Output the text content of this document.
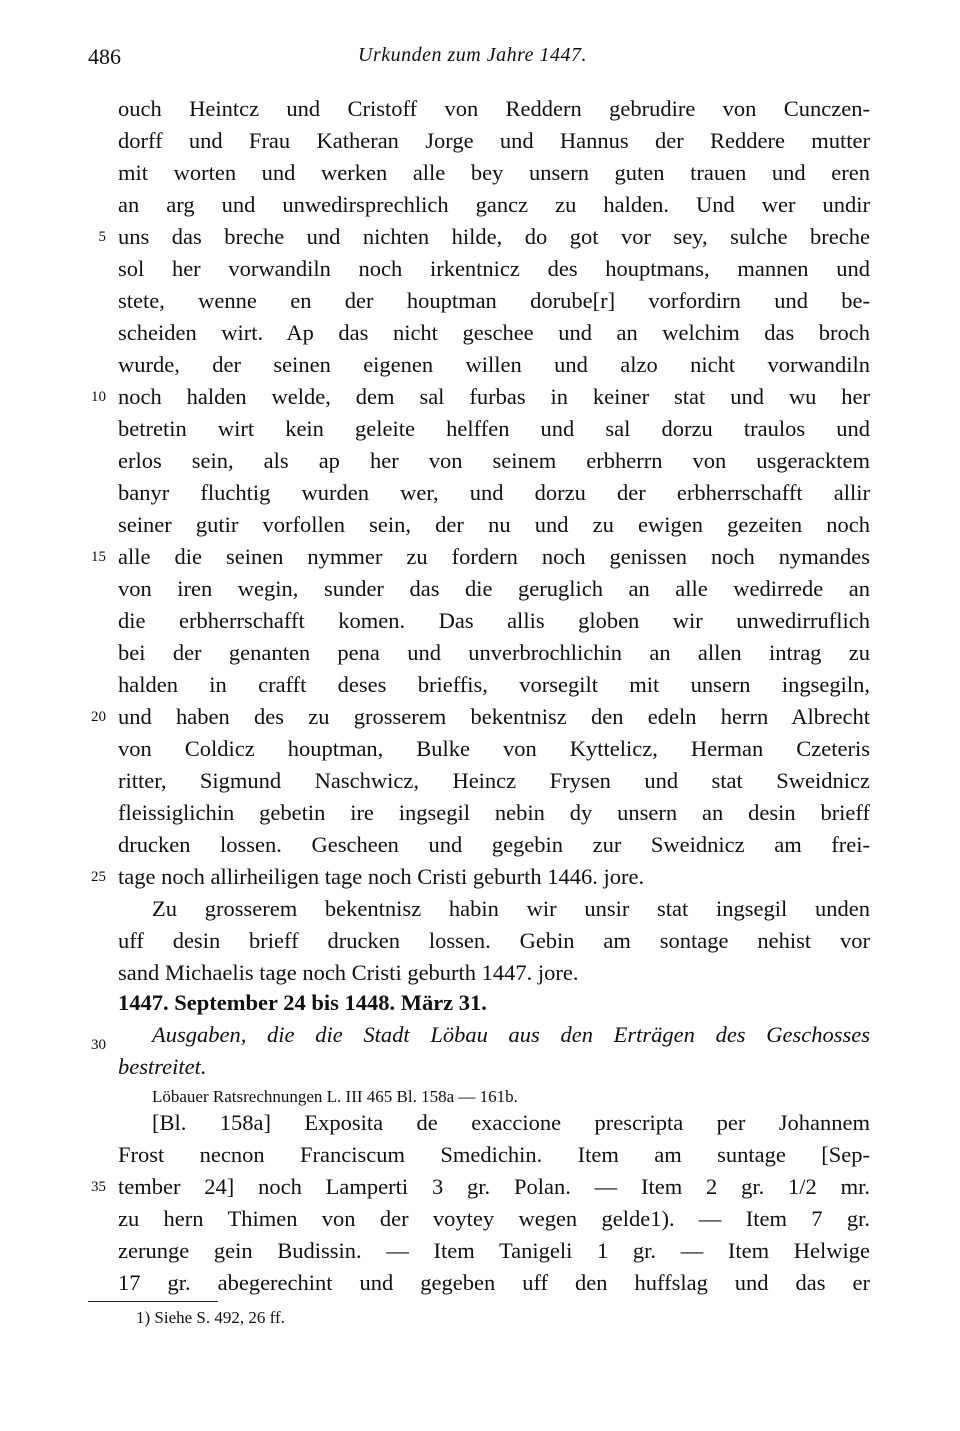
486	Urkunden zum Jahre 1447.
ouch Heintcz und Cristoff von Reddern gebrudire von Cunczen-
dorff und Frau Katheran Jorge und Hannus der Reddere mutter
mit worten und werken alle bey unsern guten trauen und eren
an arg und unwedirsprechlich gancz zu halden. Und wer undir
uns das breche und nichten hilde, do got vor sey, sulche breche
sol her vorwandiln noch irkentnicz des houptmans, mannen und
stete, wenne en der houptman dorube[r] vorfordirn und be-
scheiden wirt. Ap das nicht geschee und an welchim das broch
wurde, der seinen eigenen willen und alzo nicht vorwandiln
noch halden welde, dem sal furbas in keiner stat und wu her
betretin wirt kein geleite helffen und sal dorzu traulos und
erlos sein, als ap her von seinem erbherrn von usgeracktem
banyr fluchtig wurden wer, und dorzu der erbherrschafft allir
seiner gutir vorfollen sein, der nu und zu ewigen gezeiten noch
alle die seinen nymmer zu fordern noch genissen noch nymandes
von iren wegin, sunder das die geruglich an alle wedirrede an
die erbherrschafft komen. Das allis globen wir unwedirruflich
bei der genanten pena und unverbrochlichin an allen intrag zu
halden in crafft deses brieffis, vorsegilt mit unsern ingsegiln,
und haben des zu grosserem bekentnisz den edeln herrn Albrecht
von Coldicz houptman, Bulke von Kyttelicz, Herman Czeteris
ritter, Sigmund Naschwicz, Heincz Frysen und stat Sweidnicz
fleissiglichin gebetin ire ingsegil nebin dy unsern an desin brieff
drucken lossen. Gescheen und gegebin zur Sweidnicz am frei-
tage noch allirheiligen tage noch Cristi geburth 1446. jore.
Zu grosserem bekentnisz habin wir unsir stat ingsegil unden
uff desin brieff drucken lossen. Gebin am sontage nehist vor
sand Michaelis tage noch Cristi geburth 1447. jore.
5
10
15
20
25
30
35
1447. September 24 bis 1448. März 31.
Ausgaben, die die Stadt Löbau aus den Erträgen des Geschosses
bestreitet.
Löbauer Ratsrechnungen L. III 465 Bl. 158a — 161b.
[Bl. 158a] Exposita de exaccione prescripta per Johannem
Frost necnon Franciscum Smedichin. Item am suntage [Sep-
tember 24] noch Lamperti 3 gr. Polan. — Item 2 gr. 1/2 mr.
zu hern Thimen von der voytey wegen gelde1). — Item 7 gr.
zerunge gein Budissin. — Item Tanigeli 1 gr. — Item Helwige
17 gr. abegerechint und gegeben uff den huffslag und das er
1) Siehe S. 492, 26 ff.
